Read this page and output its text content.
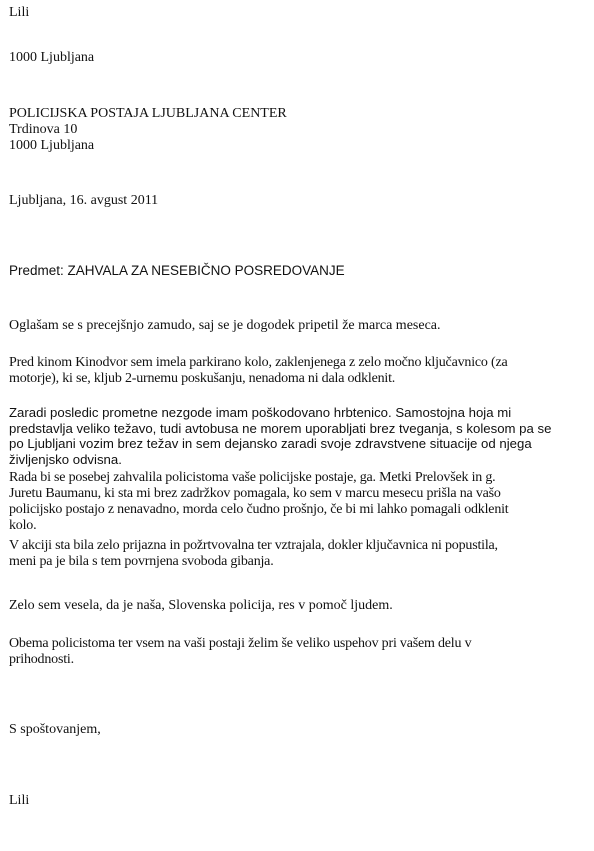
Lili
1000 Ljubljana
POLICIJSKA POSTAJA LJUBLJANA CENTER
Trdinova 10
1000 Ljubljana
Ljubljana, 16. avgust 2011
Predmet: ZAHVALA ZA NESEBIČNO POSREDOVANJE
Oglašam se s precejšnjo zamudo, saj se je dogodek pripetil že marca meseca.
Pred kinom Kinodvor sem imela parkirano kolo, zaklenjenega z zelo močno ključavnico (za
motorje), ki se, kljub 2-urnemu poskušanju, nenadoma ni dala odklenit.
Zaradi posledic prometne nezgode imam poškodovano hrbtenico. Samostojna hoja mi
predstavlja veliko težavo, tudi avtobusa ne morem uporabljati brez tveganja, s kolesom pa se
po Ljubljani vozim brez težav in sem dejansko zaradi svoje zdravstvene situacije od njega
življenjsko odvisna.
Rada bi se posebej zahvalila policistoma vaše policijske postaje, ga. Metki Prelovšek in g.
Juretu Baumanu, ki sta mi brez zadržkov pomagala, ko sem v marcu mesecu prišla na vašo
policijsko postajo z nenavadno, morda celo čudno prošnjo, če bi mi lahko pomagali odklenit
kolo.
V akciji sta bila zelo prijazna in požrtvovalna ter vztrajala, dokler ključavnica ni popustila,
meni pa je bila s tem povrnjena svoboda gibanja.
Zelo sem vesela, da je naša, Slovenska policija, res v pomoč ljudem.
Obema policistoma ter vsem na vaši postaji želim še veliko uspehov pri vašem delu v
prihodnosti.
S spoštovanjem,
Lili
